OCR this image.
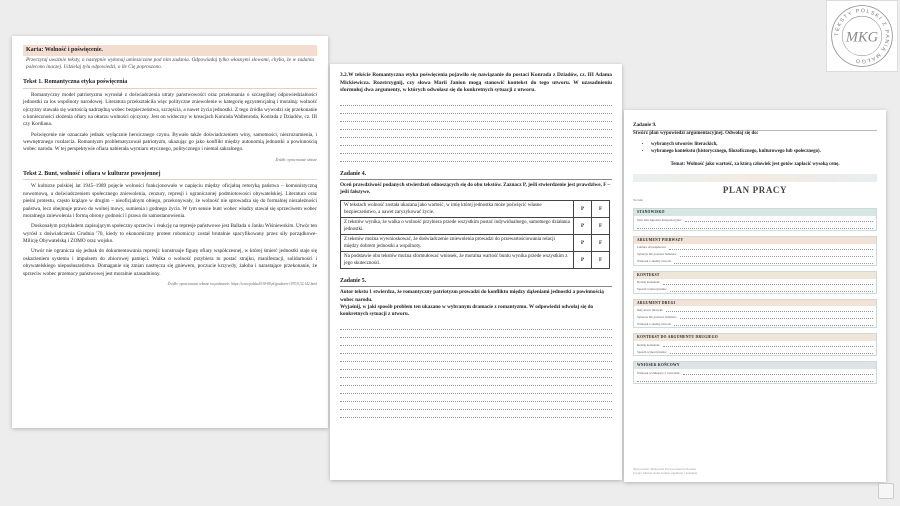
Karta: Wolność i poświęcenie.
Przeczytaj uważnie teksty, a następnie wykonaj umieszczone pod nim zadania. Odpowiadaj tylko własnymi słowami, chyba, że w zadaniu polecono inaczej. Udzielaj tylu odpowiedzi, o ile Cię poproszono.
Tekst 1. Romantyczna etyka poświęcenia

Romantyczny model patriotyzmu wyrosłał z doświadczenia utraty państwowości oraz przekonania o szczególnej odpowiedzialności jednostki za los wspólnoty narodowej. Literatura przekształciła więc polityczne zniewolenie w kategorię egzystencjalną i moralną: wolność ojczyzny stawała się wartością nadrzędną wobec bezpieczeństwa, szczęścia, a nawet życia jednostki. Z tego źródła wywodzi się przekonanie o konieczności złożenia ofiary na ołtarzu wolności ojczyzny. Jest on widoczny w kreacjach Konrada Wallenroda, Konrada z Dziadów, cz. III czy Kordiana.

Poświęcenie nie oznaczało jednak wyłącznie heroicznego czynu. Bywało także doświadczeniem winy, samotności, niezrozumienia, i wewnętrznego rozdarcia. Romantyzm problematyzował patriotyzm, ukazując go jako konflikt między autonomią jednostki a powinnością wobec narodu. W tej perspektywie ofiara nabierała wymiaru etycznego, politycznego i niemal sakralnego.

Źródło: opracowanie własne
Tekst 2. Bunt, wolność i ofiara w kulturze powojennej

W kulturze polskiej lat 1945–1989 pojęcie wolności funkcjonowało w napięciu między oficjalną retoryką państwa – komunistyczną nowomową, a doświadczeniem społecznego zniewolenia, cenzury, represji i ograniczonej podmiotowości obywatelskiej. Literatura oraz pieśni protestu, często krążące w drugim – nieoficjalnym obiegu, przekonywały, że wolność nie sprowadza się do formalnej niezależności państwa, lecz obejmuje prawo do wolnej mowy, sumienia i godnego życia. W tym sensie bunt wobec władzy stawał się sprzeciwem wobec moralnego zniewolenia i formą obrony godności i prawa do samostanowienia.

Doskonałym przykładem zapisującym społeczny sprzeciw i reakcję na represje państwowe jest Ballada o Janku Wiśniewskim. Utwór ten wyrósł z doświadczenia Grudnia '70, kiedy to ekonomiczny protest robotniczy został brutalnie spacyfikowany przez siły porządkowe- Milicję Obywatelską i ZOMO oraz wojsko.

Utwór nie ogranicza się jednak do dokumentowania represji: konstruuje figurę ofiary współczesnej, w której śmierć jednostki staje się oskarżeniem systemu i impulsem do zbiorowej pamięci. Walka o wolność przybiera tu postać strajku, manifestacji, solidarności i obywatelskiego nieposłuszeństwa. Domaganie się zmian nastręcza się gniewem, poczucie krzywdy, żałoba i narastające przekonanie, że sprzeciw wobec przemocy państwowej jest moralnie uzasadniony.

Źródło: opracowanie własne na podstawie: https://www.polska1918-89.pl/grudzien-1970,9,32,142.html
3.2.W tekście Romantyczna etyka poświęcenia pojawiło się nawiązanie do postaci Konrada z Dziadów, cz. III Adama Mickiewicza. Rozstrzygnij, czy słowa Marii Janion mogą stanowić kontekst do tego utworu. W uzasadnieniu sformułuj dwa argumenty, w których odwołasz się do konkretnych sytuacji z utworu.
Zadanie 4.
Oceń prawdziwość podanych stwierdzeń odnoszących się do obu tekstów. Zaznacz P, jeśli stwierdzenie jest prawdziwe, F – jeśli fałszywe.
W tekstach wolność została ukazana jako wartość, w imię której jednostka może poświęcić własne bezpieczeństwo, a nawet zaryzykować życie.	P	F
Z tekstów wynika, że walka o wolność przybiera przede wszystkim postać indywidualnego, samotnego działania jednostki.	P	F
Z tekstów można wywnioskować, że doświadczenie zniewolenia prowadzi do przewartościowania relacji między dobrem jednostki a wspólnoty.	P	F
Na podstawie obu tekstów można sformułować wniosek, że moralna wartość buntu wynika przede wszystkim z jego skuteczności.	P	F
Zadanie 5.
Autor tekstu 1 stwierdza, że romantyczny patriotyzm prowadzi do konfliktu między dążeniami jednostki a powinnością wobec narodu.
Wyjaśnij, w jaki sposób problem ten ukazano w wybranym dramacie z romantyzmu. W odpowiedzi odwołaj się do konkretnych sytuacji z utworu.
Zadanie 9.
Stwórz plan wypowiedzi argumentacyjnej. Odwołaj się do:
• wybranych utworów literackich,
• wybranego kontekstu (historycznego, filozoficznego, kulturowego lub społecznego).
Temat: Wolność jako wartość, za którą człowiek jest gotów zapłacić wysoką cenę.
PLAN PRACY
Notatki
STANOWISKO
Teza albo hipoteza interpretacyjna:
ARGUMENT PIERWSZY
Lektura obowiązkowa:
Sytuacja lub postawa bohatera:
Wniosek z analizy utworu:
KONTEKST
Rodzaj kontekstu:
Sposób wykorzystania:
ARGUMENT DRUGI
Inny utwór literacki:
Sytuacja lub postawa bohatera:
Wniosek z analizy utworu:
KONTEKST DO ARGUMENTU DRUGIEGO
Rodzaj kontekstu:
Sposób wykorzystania:
WNIOSEK KOŃCOWY
Wniosek wynikający z rozważań:
Opracowanie: Małgorzata Kaczorowska-Grabowska
Uwaga: Możesz dodać kolejne argumenty i konteksty
TEKSTY POLSKI Z PANIĄ MAŁGO
MKG
